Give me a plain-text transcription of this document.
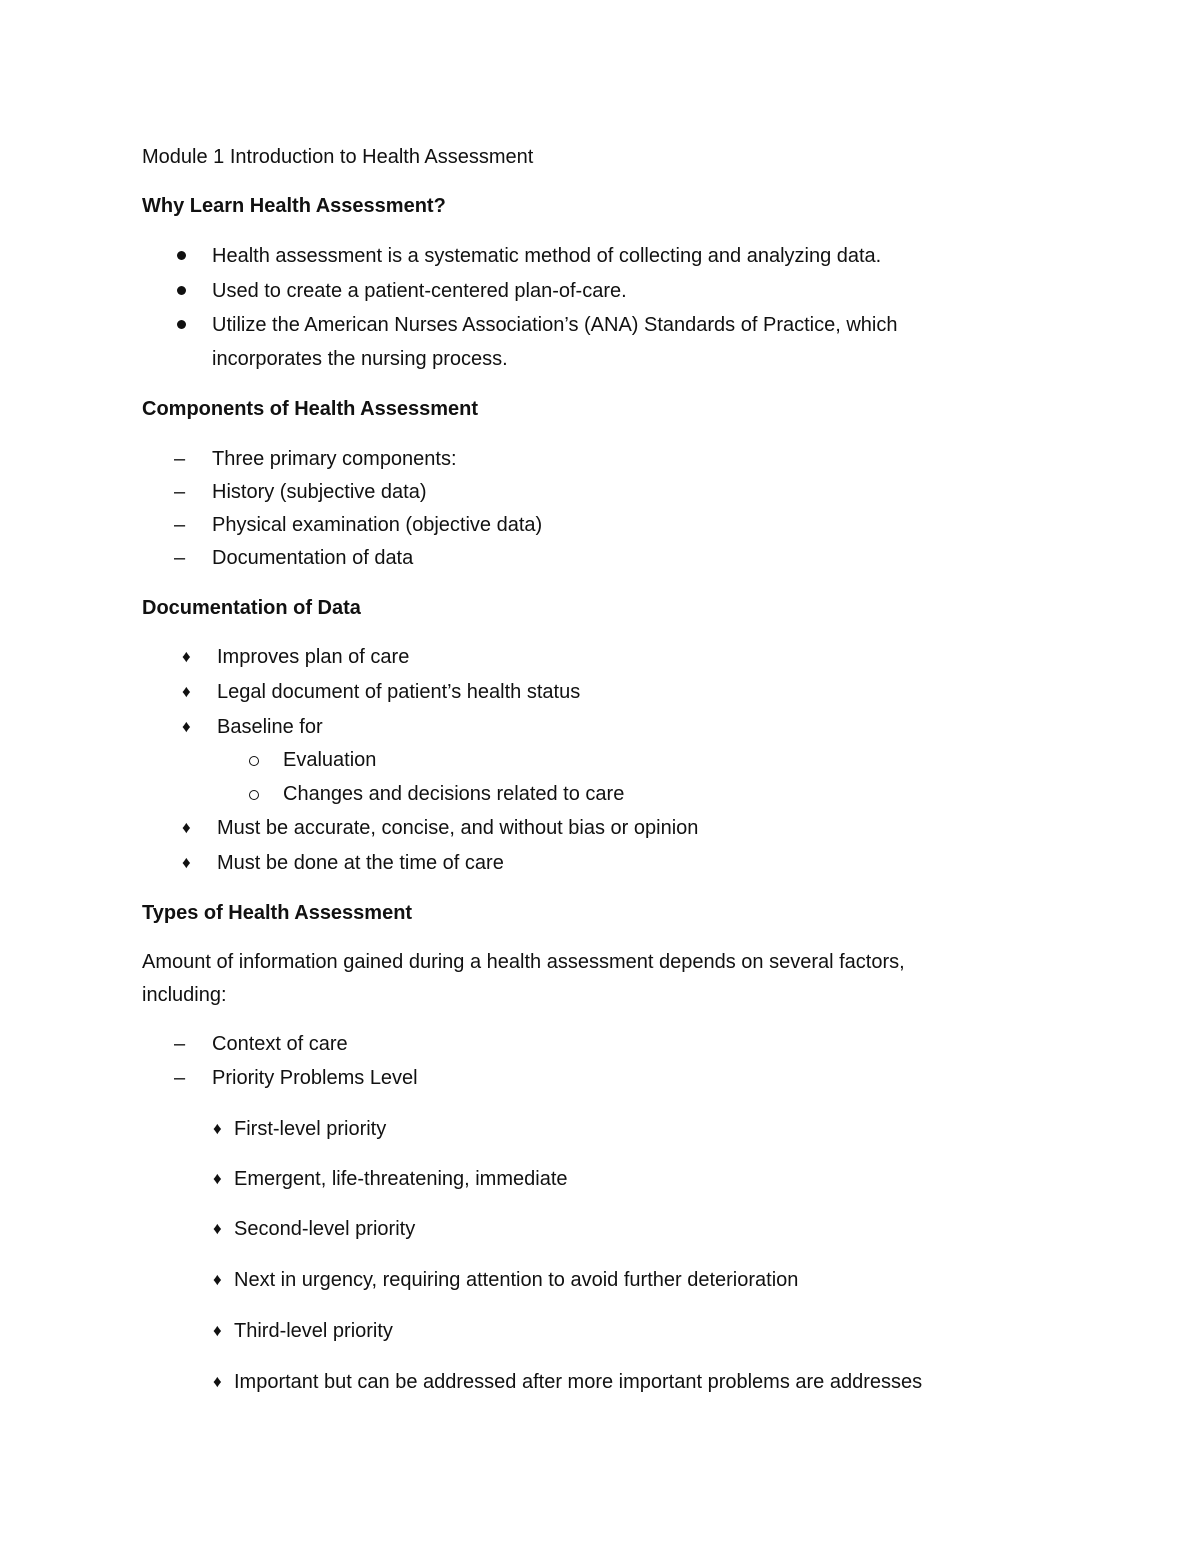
Module 1 Introduction to Health Assessment
Why Learn Health Assessment?
Health assessment is a systematic method of collecting and analyzing data.
Used to create a patient-centered plan-of-care.
Utilize the American Nurses Association’s (ANA) Standards of Practice, which
incorporates the nursing process.
Components of Health Assessment
– Three primary components:
– History (subjective data)
– Physical examination (objective data)
– Documentation of data
Documentation of Data
♦ Improves plan of care
♦ Legal document of patient’s health status
♦ Baseline for
Evaluation
Changes and decisions related to care
♦ Must be accurate, concise, and without bias or opinion
♦ Must be done at the time of care
Types of Health Assessment
Amount of information gained during a health assessment depends on several factors,
including:
– Context of care
– Priority Problems Level
♦ First-level priority
♦ Emergent, life-threatening, immediate
♦ Second-level priority
♦ Next in urgency, requiring attention to avoid further deterioration
♦ Third-level priority
♦ Important but can be addressed after more important problems are addresses
